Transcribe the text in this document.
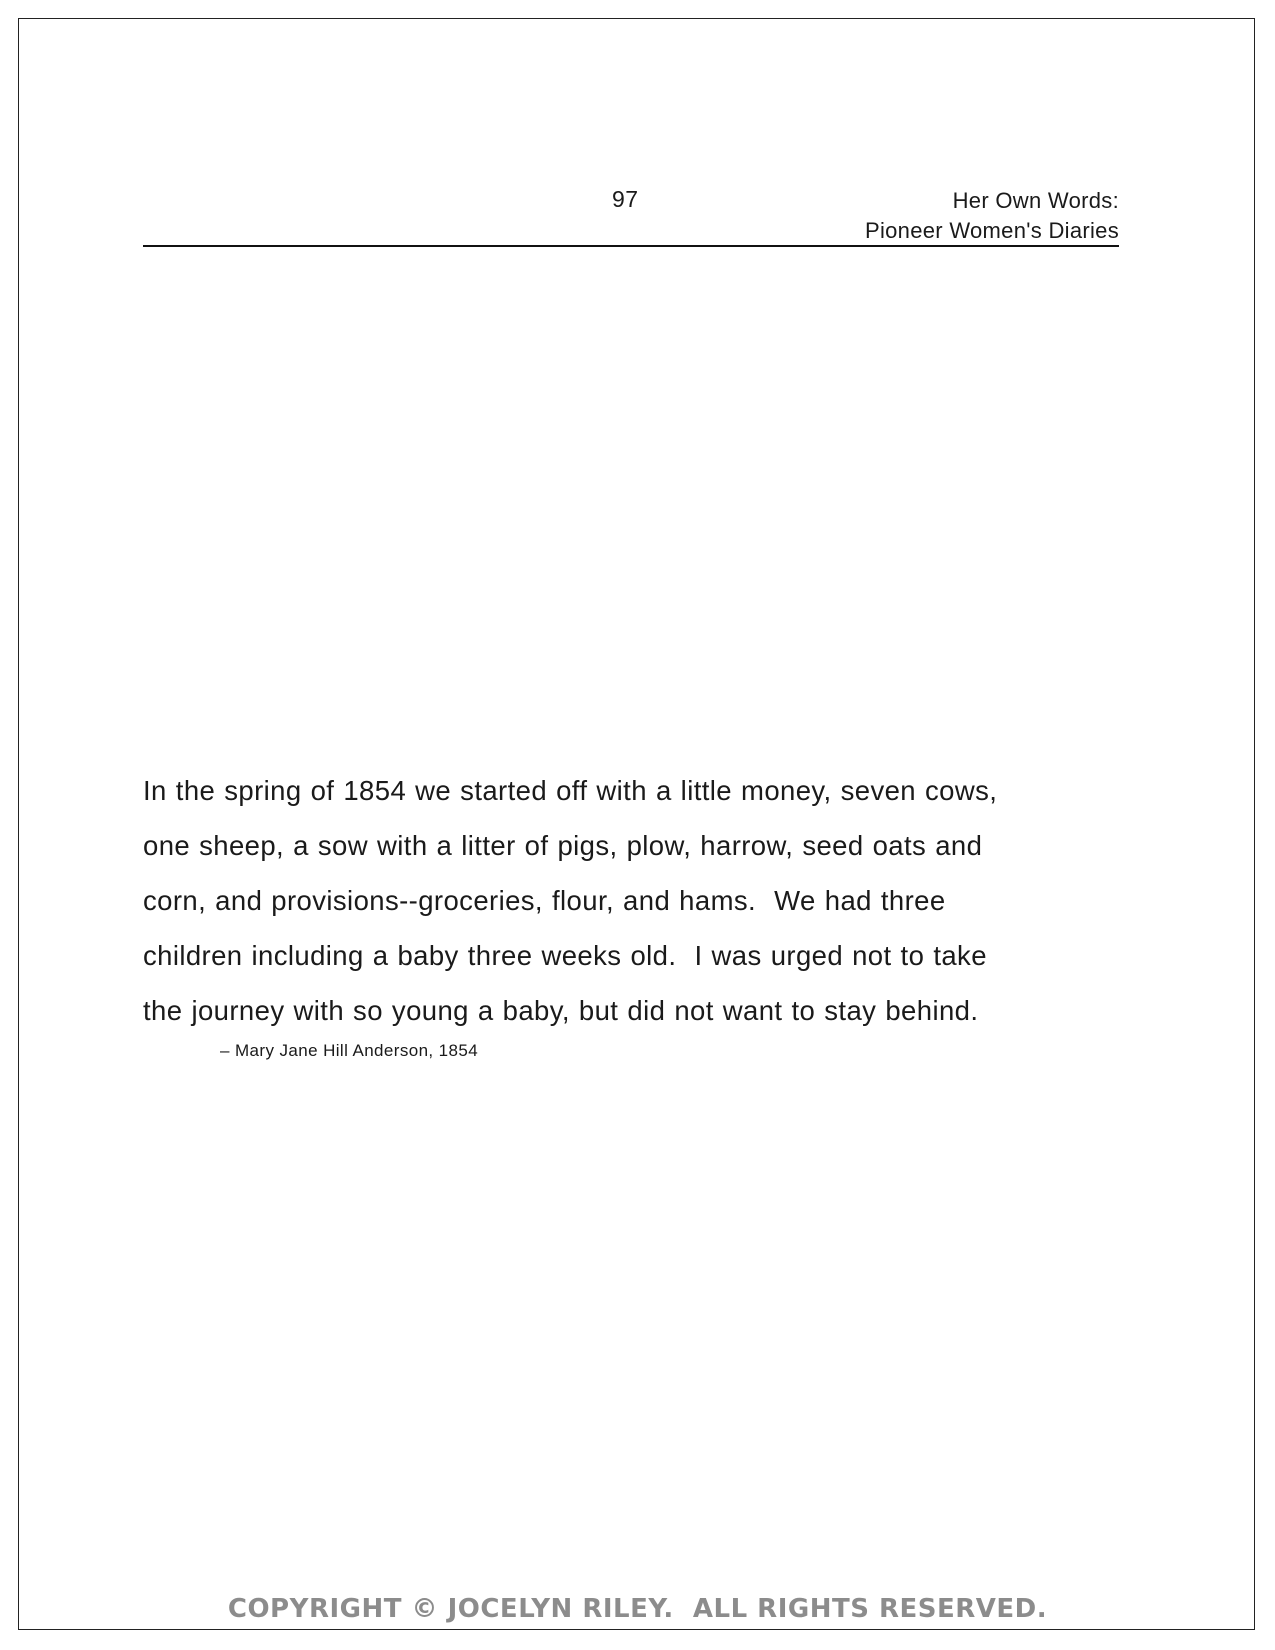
97	Her Own Words:
Pioneer Women's Diaries

In the spring of 1854 we started off with a little money, seven cows,
one sheep, a sow with a litter of pigs, plow, harrow, seed oats and
corn, and provisions--groceries, flour, and hams.  We had three
children including a baby three weeks old.  I was urged not to take
the journey with so young a baby, but did not want to stay behind.

– Mary Jane Hill Anderson, 1854
COPYRIGHT © JOCELYN RILEY.  ALL RIGHTS RESERVED.
